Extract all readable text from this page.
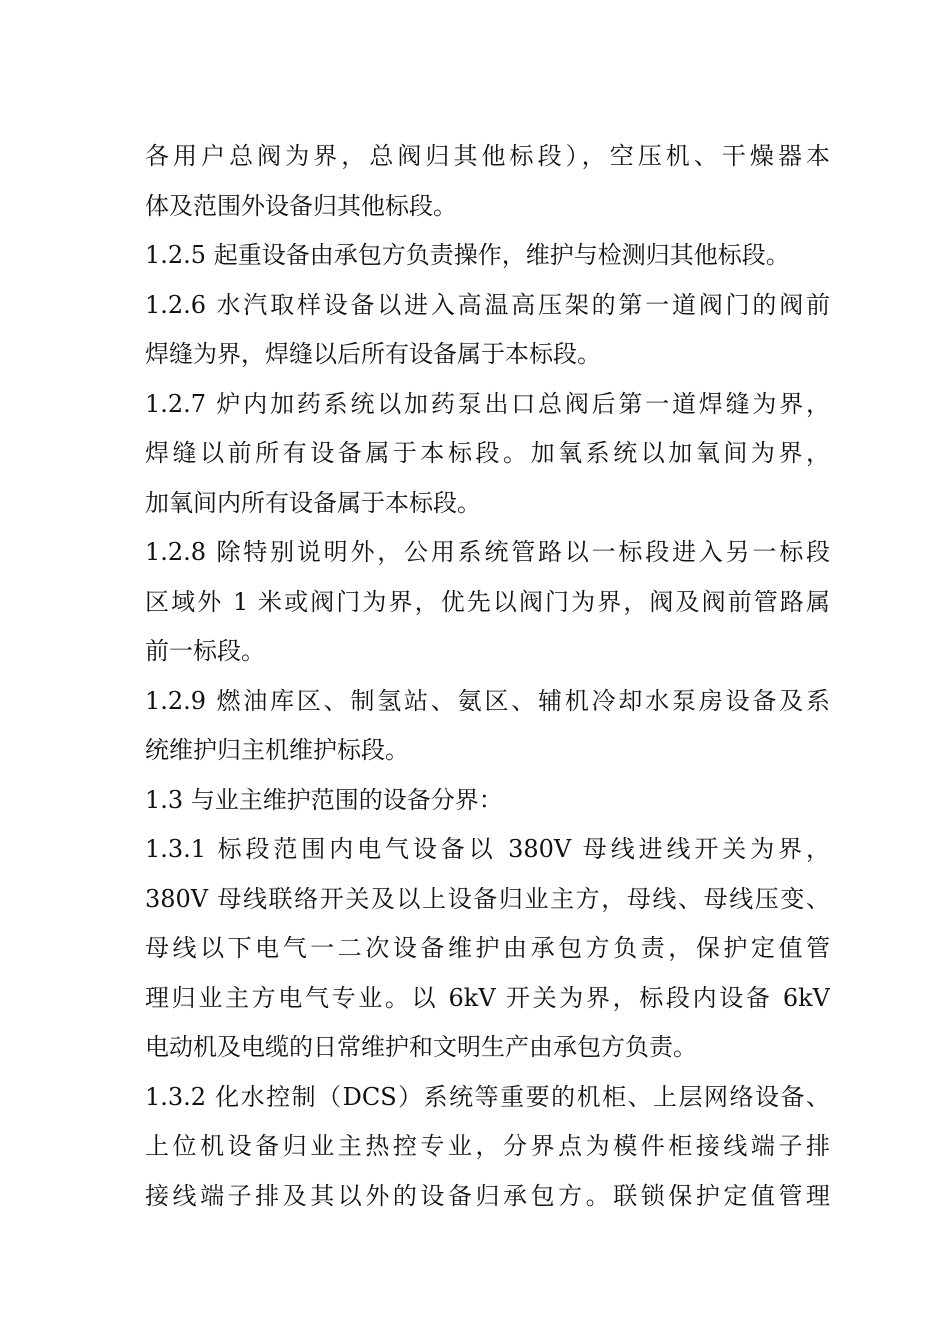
各用户总阀为界，总阀归其他标段），空压机、干燥器本
体及范围外设备归其他标段。
1.2.5 起重设备由承包方负责操作，维护与检测归其他标段。
1.2.6 水汽取样设备以进入高温高压架的第一道阀门的阀前
焊缝为界，焊缝以后所有设备属于本标段。
1.2.7 炉内加药系统以加药泵出口总阀后第一道焊缝为界，
焊缝以前所有设备属于本标段。加氧系统以加氧间为界，
加氧间内所有设备属于本标段。
1.2.8 除特别说明外，公用系统管路以一标段进入另一标段
区域外 1 米或阀门为界，优先以阀门为界，阀及阀前管路属
前一标段。
1.2.9 燃油库区、制氢站、氨区、辅机冷却水泵房设备及系
统维护归主机维护标段。
1.3 与业主维护范围的设备分界：
1.3.1 标段范围内电气设备以 380V 母线进线开关为界，
380V 母线联络开关及以上设备归业主方，母线、母线压变、
母线以下电气一二次设备维护由承包方负责，保护定值管
理归业主方电气专业。以 6kV 开关为界，标段内设备 6kV
电动机及电缆的日常维护和文明生产由承包方负责。
1.3.2 化水控制（DCS）系统等重要的机柜、上层网络设备、
上位机设备归业主热控专业，分界点为模件柜接线端子排
接线端子排及其以外的设备归承包方。联锁保护定值管理
